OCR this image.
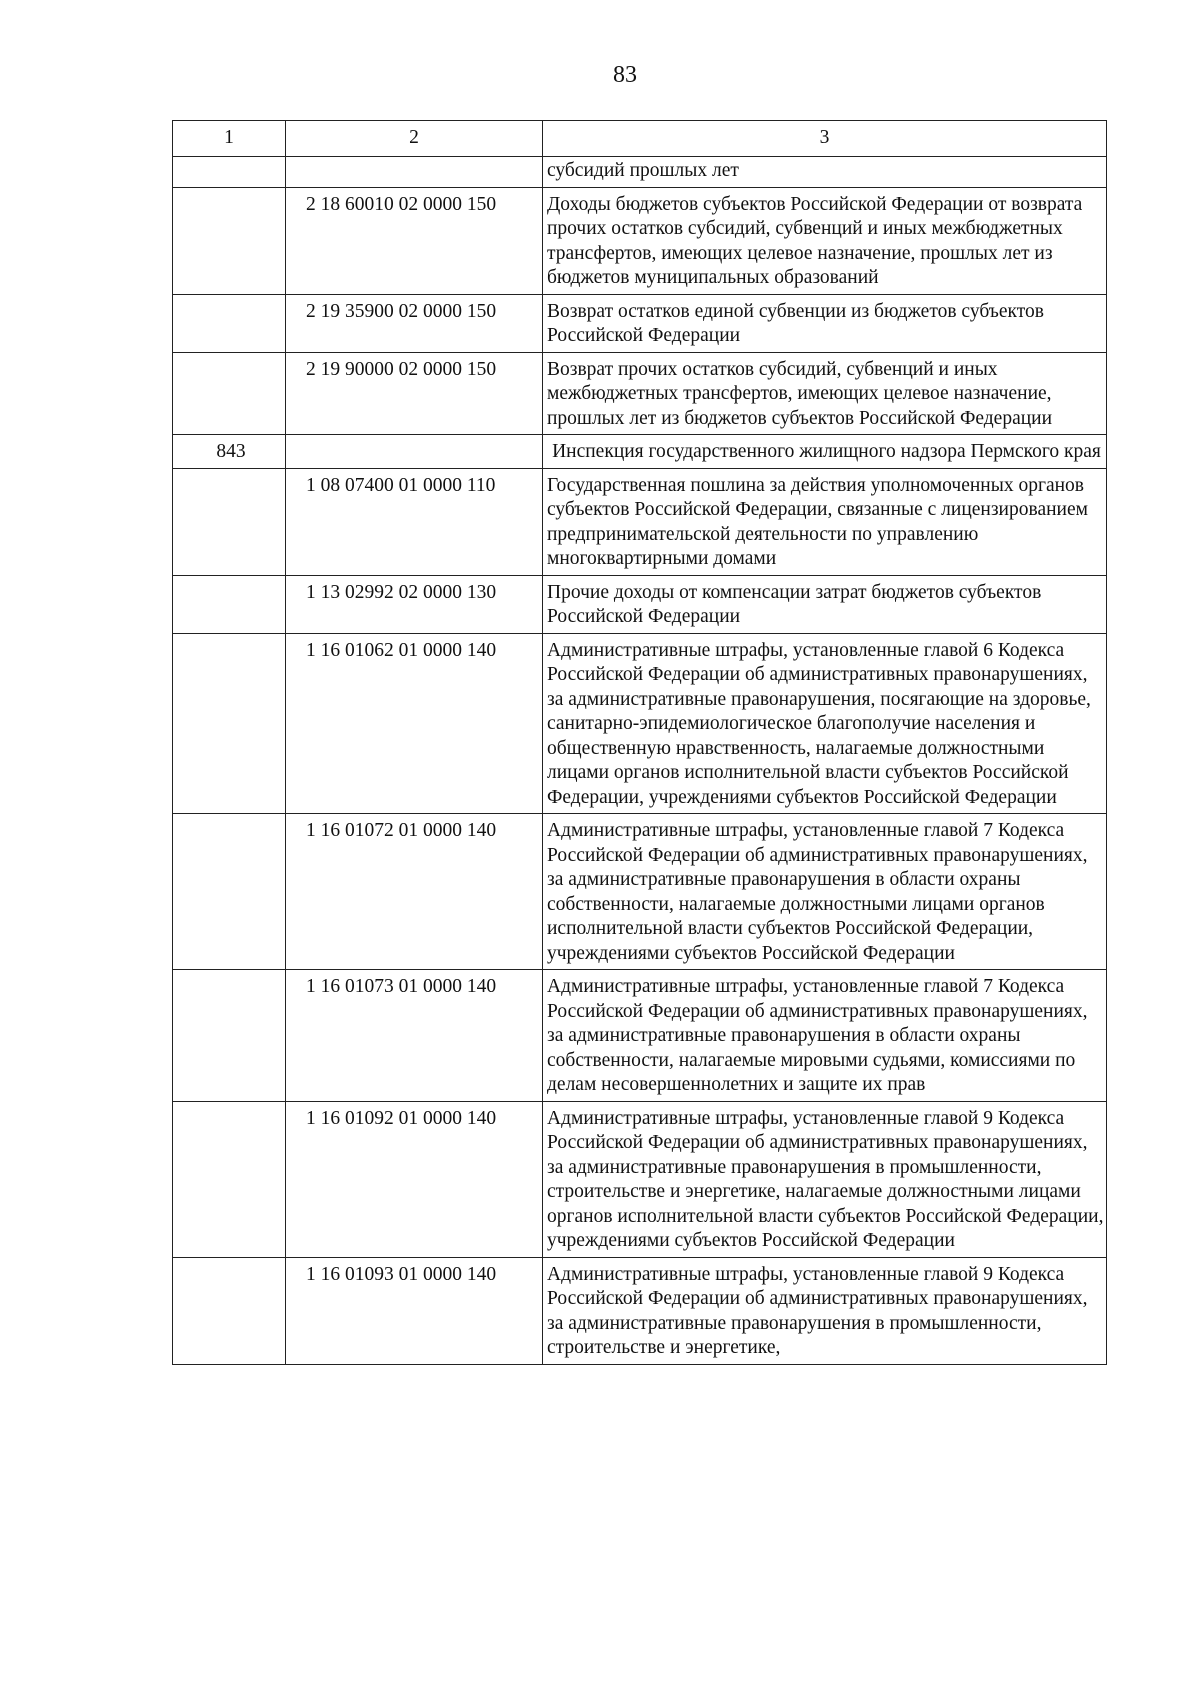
83
1	2	3
		субсидий прошлых лет
	2 18 60010 02 0000 150	Доходы бюджетов субъектов Российской Федерации от возврата прочих остатков субсидий, субвенций и иных межбюджетных трансфертов, имеющих целевое назначение, прошлых лет из бюджетов муниципальных образований
	2 19 35900 02 0000 150	Возврат остатков единой субвенции из бюджетов субъектов Российской Федерации
	2 19 90000 02 0000 150	Возврат прочих остатков субсидий, субвенций и иных межбюджетных трансфертов, имеющих целевое назначение, прошлых лет из бюджетов субъектов Российской Федерации
843		Инспекция государственного жилищного надзора Пермского края
	1 08 07400 01 0000 110	Государственная пошлина за действия уполномоченных органов субъектов Российской Федерации, связанные с лицензированием предпринимательской деятельности по управлению многоквартирными домами
	1 13 02992 02 0000 130	Прочие доходы от компенсации затрат бюджетов субъектов Российской Федерации
	1 16 01062 01 0000 140	Административные штрафы, установленные главой 6 Кодекса Российской Федерации об административных правонарушениях, за административные правонарушения, посягающие на здоровье, санитарно-эпидемиологическое благополучие населения и общественную нравственность, налагаемые должностными лицами органов исполнительной власти субъектов Российской Федерации, учреждениями субъектов Российской Федерации
	1 16 01072 01 0000 140	Административные штрафы, установленные главой 7 Кодекса Российской Федерации об административных правонарушениях, за административные правонарушения в области охраны собственности, налагаемые должностными лицами органов исполнительной власти субъектов Российской Федерации, учреждениями субъектов Российской Федерации
	1 16 01073 01 0000 140	Административные штрафы, установленные главой 7 Кодекса Российской Федерации об административных правонарушениях, за административные правонарушения в области охраны собственности, налагаемые мировыми судьями, комиссиями по делам несовершеннолетних и защите их прав
	1 16 01092 01 0000 140	Административные штрафы, установленные главой 9 Кодекса Российской Федерации об административных правонарушениях, за административные правонарушения в промышленности, строительстве и энергетике, налагаемые должностными лицами органов исполнительной власти субъектов Российской Федерации, учреждениями субъектов Российской Федерации
	1 16 01093 01 0000 140	Административные штрафы, установленные главой 9 Кодекса Российской Федерации об административных правонарушениях, за административные правонарушения в промышленности, строительстве и энергетике,
